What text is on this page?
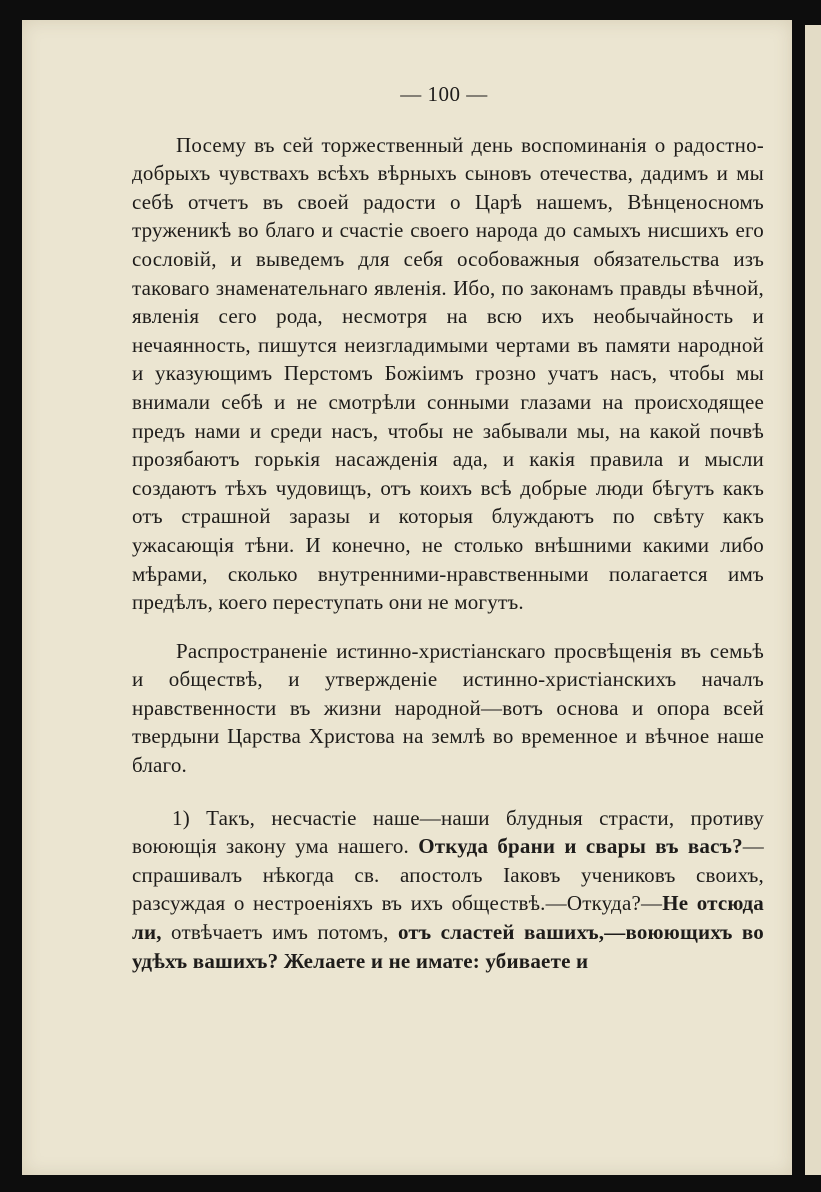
— 100 —

Посему въ сей торжественный день воспоминанія о радостно-добрыхъ чувствахъ всѣхъ вѣрныхъ сыновъ отечества, дадимъ и мы себѣ отчетъ въ своей радости о Царѣ нашемъ, Вѣнценосномъ труженикѣ во благо и счастіе своего народа до самыхъ нисшихъ его сословій, и выведемъ для себя особоважныя обязательства изъ таковаго знаменательнаго явленія. Ибо, по законамъ правды вѣчной, явленія сего рода, несмотря на всю ихъ необычайность и нечаянность, пишутся неизгладимыми чертами въ памяти народной и указующимъ Перстомъ Божіимъ грозно учатъ насъ, чтобы мы внимали себѣ и не смотрѣли сонными глазами на происходящее предъ нами и среди насъ, чтобы не забывали мы, на какой почвѣ прозябаютъ горькія насажденія ада, и какія правила и мысли создаютъ тѣхъ чудовищъ, отъ коихъ всѣ добрые люди бѣгутъ какъ отъ страшной заразы и которыя блуждаютъ по свѣту какъ ужасающія тѣни. И конечно, не столько внѣшними какими либо мѣрами, сколько внутренними-нравственными полагается имъ предѣлъ, коего переступать они не могутъ.

Распространеніе истинно-христіанскаго просвѣщенія въ семьѣ и обществѣ, и утвержденіе истинно-христіанскихъ началъ нравственности въ жизни народной—вотъ основа и опора всей твердыни Царства Христова на землѣ во временное и вѣчное наше благо.

1) Такъ, несчастіе наше—наши блудныя страсти, противу воюющія закону ума нашего. Откуда брани и свары въ васъ?—спрашивалъ нѣкогда св. апостолъ Іаковъ учениковъ своихъ, разсуждая о нестроеніяхъ въ ихъ обществѣ.—Откуда?—Не отсюда ли, отвѣчаетъ имъ потомъ, отъ сластей вашихъ,—воюющихъ во удѣхъ вашихъ? Желаете и не имате: убиваете и
